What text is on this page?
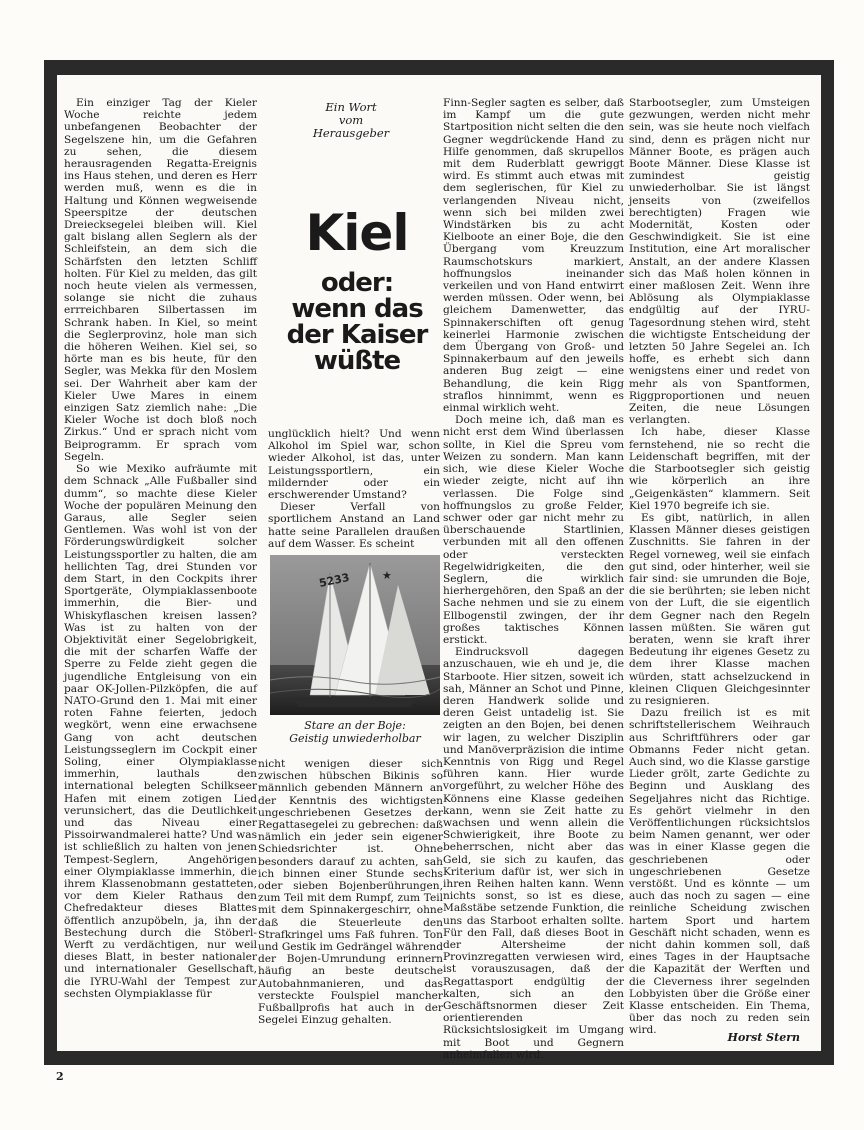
Ein einziger Tag der Kieler Woche reichte jedem unbefangenen Beobachter der Segelszene hin, um die Gefahren zu sehen, die diesem herausragenden Regatta-Ereignis ins Haus stehen, und deren es Herr werden muß, wenn es die in Haltung und Können wegweisende Speerspitze der deutschen Dreiecksegelei bleiben will. Kiel galt bislang allen Seglern als der Schleifstein, an dem sich die Schärfsten den letzten Schliff holten. Für Kiel zu melden, das gilt noch heute vielen als vermessen, solange sie nicht die zuhaus errreichbaren Silbertassen im Schrank haben. In Kiel, so meint die Seglerprovinz, hole man sich die höheren Weihen. Kiel sei, so hörte man es bis heute, für den Segler, was Mekka für den Moslem sei. Der Wahrheit aber kam der Kieler Uwe Mares in einem einzigen Satz ziemlich nahe: „Die Kieler Woche ist doch bloß noch Zirkus.“ Und er sprach nicht vom Beiprogramm. Er sprach vom Segeln.

So wie Mexiko aufräumte mit dem Schnack „Alle Fußballer sind dumm“, so machte diese Kieler Woche der populären Meinung den Garaus, alle Segler seien Gentlemen. Was wohl ist von der Förderungswürdigkeit solcher Leistungssportler zu halten, die am hellichten Tag, drei Stunden vor dem Start, in den Cockpits ihrer Sportgeräte, Olympiaklassenboote immerhin, die Bier- und Whiskyflaschen kreisen lassen? Was ist zu halten von der Objektivität einer Segelobrigkeit, die mit der scharfen Waffe der Sperre zu Felde zieht gegen die jugendliche Entgleisung von ein paar OK-Jollen-Pilzköpfen, die auf NATO-Grund den 1. Mai mit einer roten Fahne feierten, jedoch wegkört, wenn eine erwachsene Gang von acht deutschen Leistungsseglern im Cockpit einer Soling, einer Olympiaklasse immerhin, lauthals den international belegten Schilkseer Hafen mit einem zotigen Lied verunsichert, das die Deutlichkeit und das Niveau einer Pissoirwandmalerei hatte? Und was ist schließlich zu halten von jenen Tempest-Seglern, Angehörigen einer Olympiaklasse immerhin, die ihrem Klassenobmann gestatteten, vor dem Kieler Rathaus den Chefredakteur dieses Blattes öffentlich anzupöbeln, ja, ihn der Bestechung durch die Stöberl-Werft zu verdächtigen, nur weil dieses Blatt, in bester nationaler und internationaler Gesellschaft, die IYRU-Wahl der Tempest zur sechsten Olympiaklasse für

Ein Wort
vom
Herausgeber

Kiel
oder:
wenn das
der Kaiser
wüßte

unglücklich hielt? Und wenn Alkohol im Spiel war, schon wieder Alkohol, ist das, unter Leistungssportlern, ein mildernder oder ein erschwerender Umstand?

Dieser Verfall von sportlichem Anstand an Land hatte seine Parallelen draußen auf dem Wasser. Es scheint

★
5233

Stare an der Boje:
Geistig unwiederholbar

nicht wenigen dieser sich zwischen hübschen Bikinis so männlich gebenden Männern an der Kenntnis des wichtigsten ungeschriebenen Gesetzes der Regattasegelei zu gebrechen: daß nämlich ein jeder sein eigener Schiedsrichter ist. Ohne besonders darauf zu achten, sah ich binnen einer Stunde sechs oder sieben Bojenberührungen, zum Teil mit dem Rumpf, zum Teil mit dem Spinnakergeschirr, ohne daß die Steuerleute den Strafkringel ums Faß fuhren. Ton und Gestik im Gedrängel während der Bojen-Umrundung erinnern häufig an beste deutsche Autobahnmanieren, und das versteckte Foulspiel mancher Fußballprofis hat auch in der Segelei Einzug gehalten.

Finn-Segler sagten es selber, daß im Kampf um die gute Startposition nicht selten die den Gegner wegdrückende Hand zu Hilfe genommen, daß skrupellos mit dem Ruderblatt gewriggt wird. Es stimmt auch etwas mit dem seglerischen, für Kiel zu verlangenden Niveau nicht, wenn sich bei milden zwei Windstärken bis zu acht Kielboote an einer Boje, die den Übergang vom Kreuzzum Raumschotskurs markiert, hoffnungslos ineinander verkeilen und von Hand entwirrt werden müssen. Oder wenn, bei gleichem Damenwetter, das Spinnakerschiften oft genug keinerlei Harmonie zwischen dem Übergang von Groß- und Spinnakerbaum auf den jeweils anderen Bug zeigt — eine Behandlung, die kein Rigg straflos hinnimmt, wenn es einmal wirklich weht.

Doch meine ich, daß man es nicht erst dem Wind überlassen sollte, in Kiel die Spreu vom Weizen zu sondern. Man kann sich, wie diese Kieler Woche wieder zeigte, nicht auf ihn verlassen. Die Folge sind hoffnungslos zu große Felder, schwer oder gar nicht mehr zu überschauende Startlinien, verbunden mit all den offenen oder versteckten Regelwidrigkeiten, die den Seglern, die wirklich hierhergehören, den Spaß an der Sache nehmen und sie zu einem Ellbogenstil zwingen, der ihr großes taktisches Können erstickt.

Eindrucksvoll dagegen anzuschauen, wie eh und je, die Starboote. Hier sitzen, soweit ich sah, Männer an Schot und Pinne, deren Handwerk solide und deren Geist untadelig ist. Sie zeigten an den Bojen, bei denen wir lagen, zu welcher Disziplin und Manöverpräzision die intime Kenntnis von Rigg und Regel führen kann. Hier wurde vorgeführt, zu welcher Höhe des Könnens eine Klasse gedeihen kann, wenn sie Zeit hatte zu wachsen und wenn allein die Schwierigkeit, ihre Boote zu beherrschen, nicht aber das Geld, sie sich zu kaufen, das Kriterium dafür ist, wer sich in ihren Reihen halten kann. Wenn nichts sonst, so ist es diese, Maßstäbe setzende Funktion, die uns das Starboot erhalten sollte. Für den Fall, daß dieses Boot in der Altersheime der Provinzregatten verwiesen wird, ist vorauszusagen, daß der Regattasport endgültig der kalten, sich an den Geschäftsnormen dieser Zeit orientierenden Rücksichtslosigkeit im Umgang mit Boot und Gegnern anheimfallen wird.

Starbootsegler, zum Umsteigen gezwungen, werden nicht mehr sein, was sie heute noch vielfach sind, denn es prägen nicht nur Männer Boote, es prägen auch Boote Männer. Diese Klasse ist zumindest geistig unwiederholbar. Sie ist längst jenseits von (zweifellos berechtigten) Fragen wie Modernität, Kosten oder Geschwindigkeit. Sie ist eine Institution, eine Art moralischer Anstalt, an der andere Klassen sich das Maß holen können in einer maßlosen Zeit. Wenn ihre Ablösung als Olympiaklasse endgültig auf der IYRU-Tagesordnung stehen wird, steht die wichtigste Entscheidung der letzten 50 Jahre Segelei an. Ich hoffe, es erhebt sich dann wenigstens einer und redet von mehr als von Spantformen, Riggproportionen und neuen Zeiten, die neue Lösungen verlangten.

Ich habe, dieser Klasse fernstehend, nie so recht die Leidenschaft begriffen, mit der die Starbootsegler sich geistig wie körperlich an ihre „Geigenkästen“ klammern. Seit Kiel 1970 begreife ich sie.

Es gibt, natürlich, in allen Klassen Männer dieses geistigen Zuschnitts. Sie fahren in der Regel vorneweg, weil sie einfach gut sind, oder hinterher, weil sie fair sind: sie umrunden die Boje, die sie berührten; sie leben nicht von der Luft, die sie eigentlich dem Gegner nach den Regeln lassen müßten. Sie wären gut beraten, wenn sie kraft ihrer Bedeutung ihr eigenes Gesetz zu dem ihrer Klasse machen würden, statt achselzuckend in kleinen Cliquen Gleichgesinnter zu resignieren.

Dazu freilich ist es mit schriftstellerischem Weihrauch aus Schriftführers oder gar Obmanns Feder nicht getan. Auch sind, wo die Klasse garstige Lieder grölt, zarte Gedichte zu Beginn und Ausklang des Segeljahres nicht das Richtige. Es gehört vielmehr in den Veröffentlichungen rücksichtslos beim Namen genannt, wer oder was in einer Klasse gegen die geschriebenen oder ungeschriebenen Gesetze verstößt. Und es könnte — um auch das noch zu sagen — eine reinliche Scheidung zwischen hartem Sport und hartem Geschäft nicht schaden, wenn es nicht dahin kommen soll, daß eines Tages in der Hauptsache die Kapazität der Werften und die Cleverness ihrer segelnden Lobbyisten über die Größe einer Klasse entscheiden. Ein Thema, über das noch zu reden sein wird.

Horst Stern
2
